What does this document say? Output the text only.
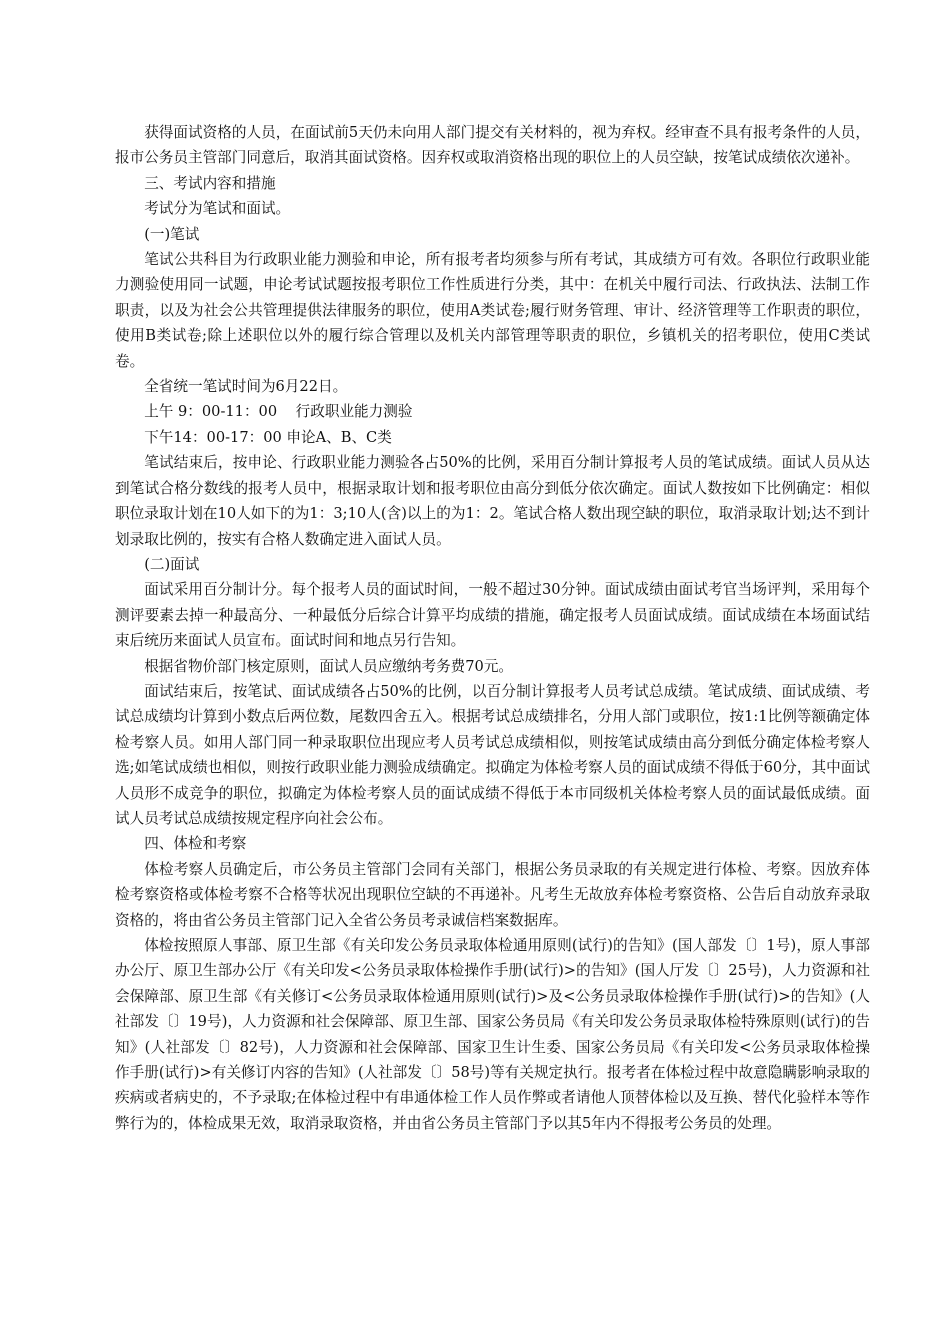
获得面试资格的人员，在面试前5天仍未向用人部门提交有关材料的，视为弃权。经审查不具有报考条件的人员，报市公务员主管部门同意后，取消其面试资格。因弃权或取消资格出现的职位上的人员空缺，按笔试成绩依次递补。

三、考试内容和措施

考试分为笔试和面试。

(一)笔试

笔试公共科目为行政职业能力测验和申论，所有报考者均须参与所有考试，其成绩方可有效。各职位行政职业能力测验使用同一试题，申论考试试题按报考职位工作性质进行分类，其中：在机关中履行司法、行政执法、法制工作职责，以及为社会公共管理提供法律服务的职位，使用A类试卷;履行财务管理、审计、经济管理等工作职责的职位，使用B类试卷;除上述职位以外的履行综合管理以及机关内部管理等职责的职位，乡镇机关的招考职位，使用C类试卷。

全省统一笔试时间为6月22日。

上午 9：00-11：00    行政职业能力测验

下午14：00-17：00 申论A、B、C类

笔试结束后，按申论、行政职业能力测验各占50%的比例，采用百分制计算报考人员的笔试成绩。面试人员从达到笔试合格分数线的报考人员中，根据录取计划和报考职位由高分到低分依次确定。面试人数按如下比例确定：相似职位录取计划在10人如下的为1：3;10人(含)以上的为1：2。笔试合格人数出现空缺的职位，取消录取计划;达不到计划录取比例的，按实有合格人数确定进入面试人员。

(二)面试

面试采用百分制计分。每个报考人员的面试时间，一般不超过30分钟。面试成绩由面试考官当场评判，采用每个测评要素去掉一种最高分、一种最低分后综合计算平均成绩的措施，确定报考人员面试成绩。面试成绩在本场面试结束后统历来面试人员宣布。面试时间和地点另行告知。

根据省物价部门核定原则，面试人员应缴纳考务费70元。

面试结束后，按笔试、面试成绩各占50%的比例，以百分制计算报考人员考试总成绩。笔试成绩、面试成绩、考试总成绩均计算到小数点后两位数，尾数四舍五入。根据考试总成绩排名，分用人部门或职位，按1:1比例等额确定体检考察人员。如用人部门同一种录取职位出现应考人员考试总成绩相似，则按笔试成绩由高分到低分确定体检考察人选;如笔试成绩也相似，则按行政职业能力测验成绩确定。拟确定为体检考察人员的面试成绩不得低于60分，其中面试人员形不成竞争的职位，拟确定为体检考察人员的面试成绩不得低于本市同级机关体检考察人员的面试最低成绩。面试人员考试总成绩按规定程序向社会公布。

四、体检和考察

体检考察人员确定后，市公务员主管部门会同有关部门，根据公务员录取的有关规定进行体检、考察。因放弃体检考察资格或体检考察不合格等状况出现职位空缺的不再递补。凡考生无故放弃体检考察资格、公告后自动放弃录取资格的，将由省公务员主管部门记入全省公务员考录诚信档案数据库。

体检按照原人事部、原卫生部《有关印发公务员录取体检通用原则(试行)的告知》(国人部发〔〕1号)，原人事部办公厅、原卫生部办公厅《有关印发<公务员录取体检操作手册(试行)>的告知》(国人厅发〔〕25号)，人力资源和社会保障部、原卫生部《有关修订<公务员录取体检通用原则(试行)>及<公务员录取体检操作手册(试行)>的告知》(人社部发〔〕19号)，人力资源和社会保障部、原卫生部、国家公务员局《有关印发公务员录取体检特殊原则(试行)的告知》(人社部发〔〕82号)，人力资源和社会保障部、国家卫生计生委、国家公务员局《有关印发<公务员录取体检操作手册(试行)>有关修订内容的告知》(人社部发〔〕58号)等有关规定执行。报考者在体检过程中故意隐瞒影响录取的疾病或者病史的，不予录取;在体检过程中有串通体检工作人员作弊或者请他人顶替体检以及互换、替代化验样本等作弊行为的，体检成果无效，取消录取资格，并由省公务员主管部门予以其5年内不得报考公务员的处理。
